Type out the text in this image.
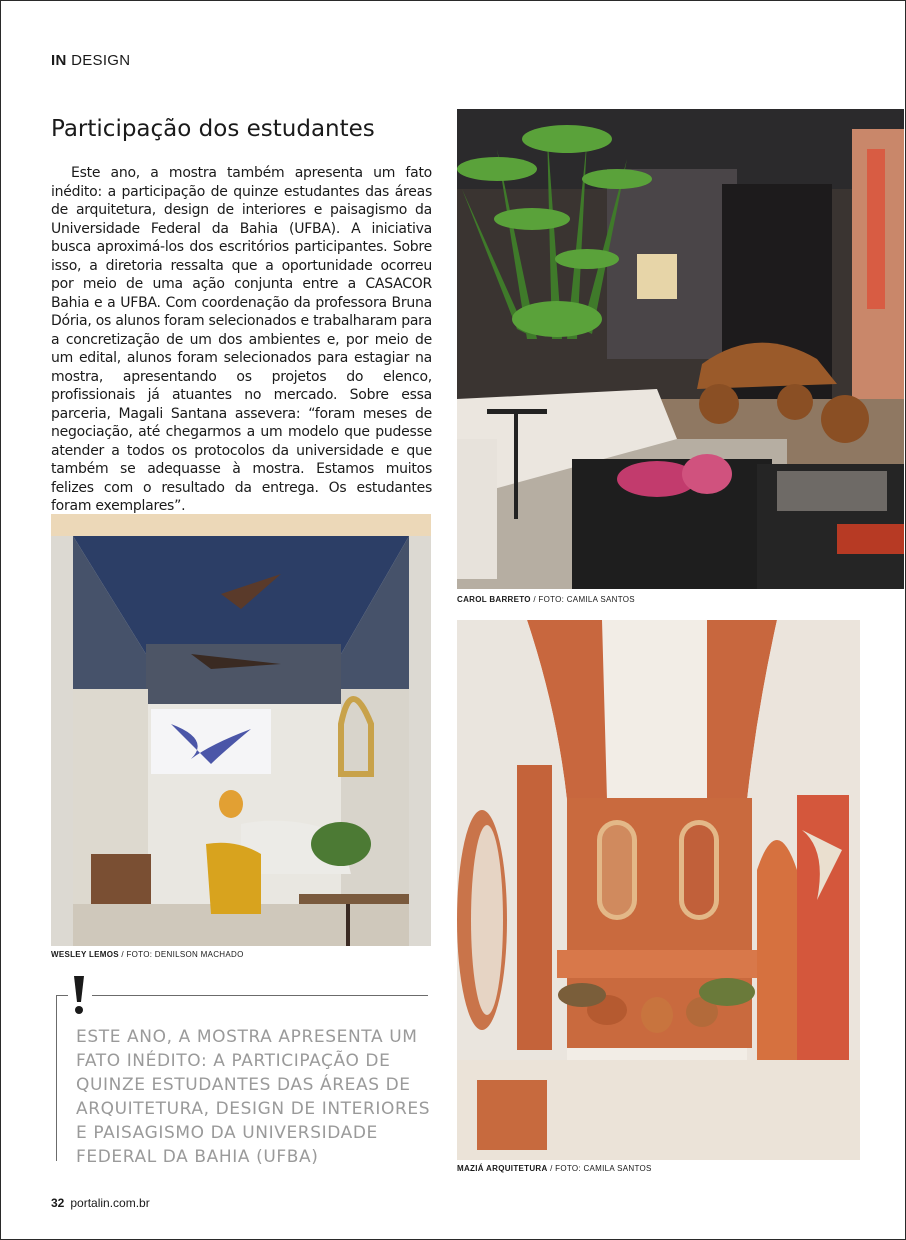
IN DESIGN
Participação dos estudantes

Este ano, a mostra também apresenta um fato inédito: a participação de quinze estudantes das áreas de arquitetura, design de interiores e paisagismo da Universidade Federal da Bahia (UFBA). A iniciativa busca aproximá-los dos escritórios participantes. Sobre isso, a diretoria ressalta que a oportunidade ocorreu por meio de uma ação conjunta entre a CASACOR Bahia e a UFBA. Com coordenação da professora Bruna Dória, os alunos foram selecionados e trabalharam para a concretização de um dos ambientes e, por meio de um edital, alunos foram selecionados para estagiar na mostra, apresentando os projetos do elenco, profissionais já atuantes no mercado. Sobre essa parceria, Magali Santana assevera: “foram meses de negociação, até chegarmos a um modelo que pudesse atender a todos os protocolos da universidade e que também se adequasse à mostra. Estamos muitos felizes com o resultado da entrega. Os estudantes foram exemplares”.

CAROL BARRETO / FOTO: CAMILA SANTOS
WESLEY LEMOS / FOTO: DENILSON MACHADO
MAZIÁ ARQUITETURA / FOTO: CAMILA SANTOS

ESTE ANO, A MOSTRA APRESENTA UM FATO INÉDITO: A PARTICIPAÇÃO DE QUINZE ESTUDANTES DAS ÁREAS DE ARQUITETURA, DESIGN DE INTERIORES E PAISAGISMO DA UNIVERSIDADE FEDERAL DA BAHIA (UFBA)

32 portalin.com.br
